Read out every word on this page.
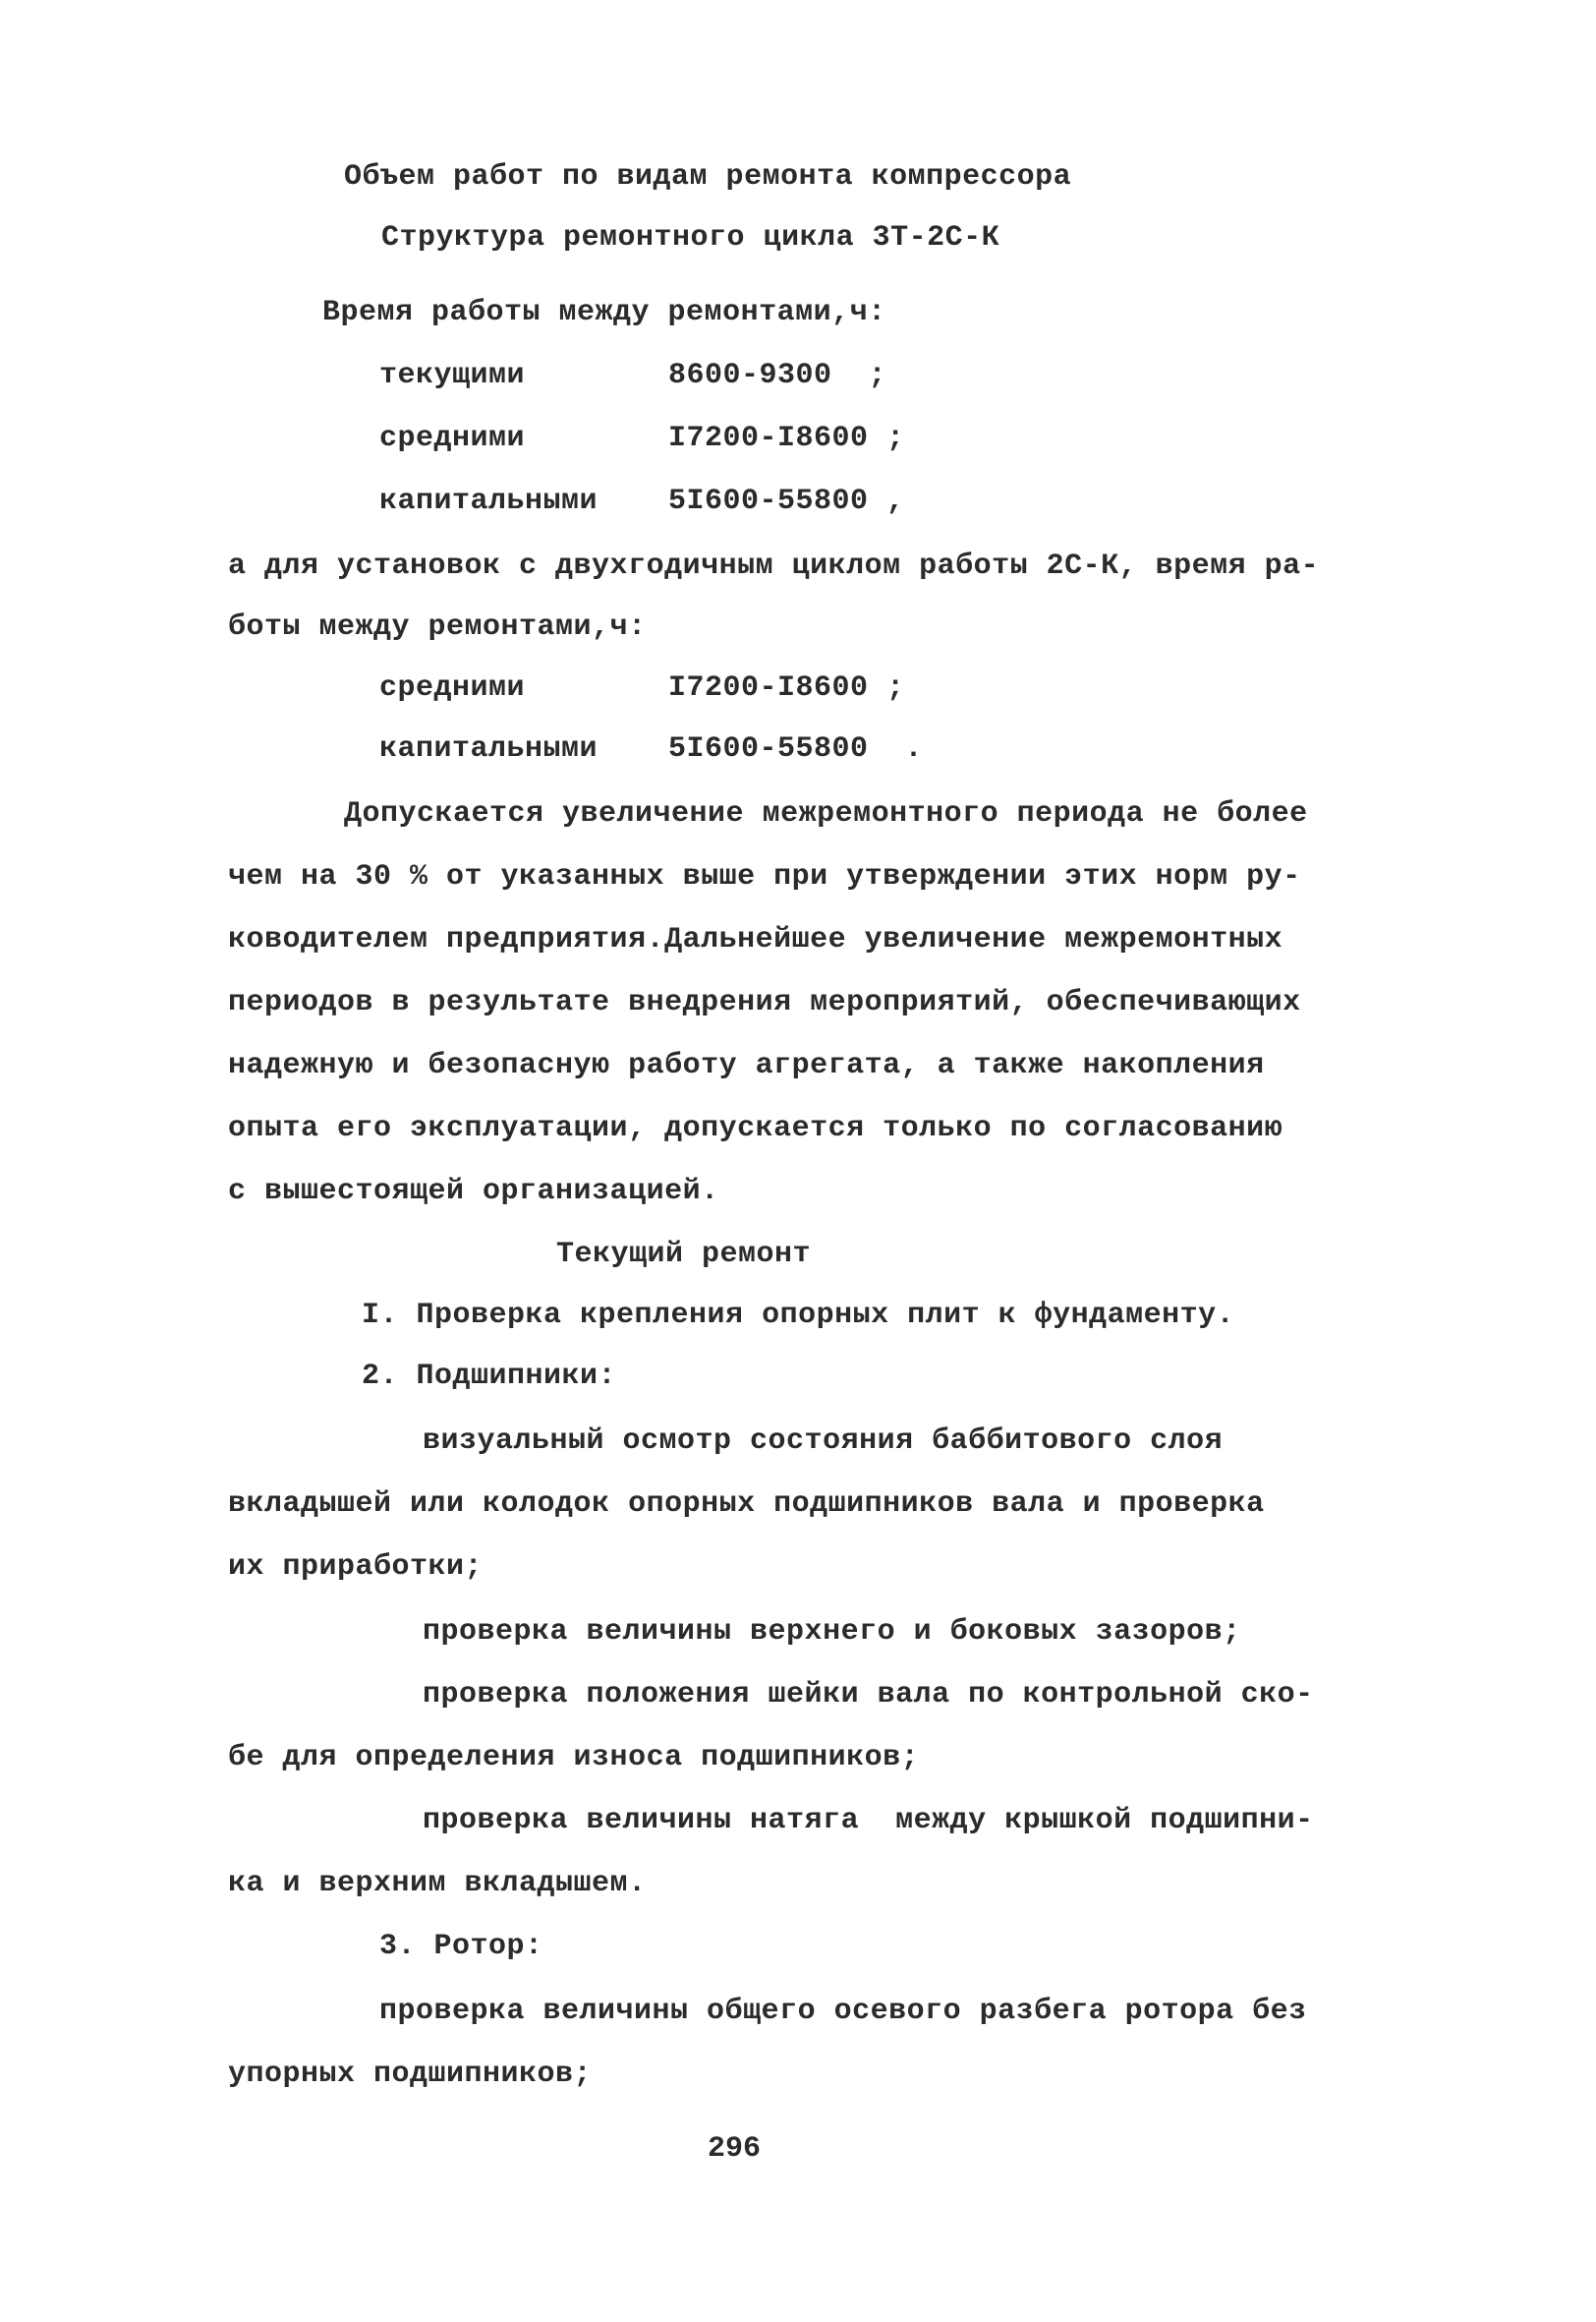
Объем работ по видам ремонта компрессора
Структура ремонтного цикла 3Т-2С-К
Время работы между ремонтами,ч:
текущими	8600-9300  ;
средними	I7200-I8600 ;
капитальными 5I600-55800 ,
а для установок с двухгодичным циклом работы 2С-К, время ра-
боты между ремонтами,ч:
средними	I7200-I8600 ;
капитальными 5I600-55800  .
Допускается увеличение межремонтного периода не более
чем на 30 % от указанных выше при утверждении этих норм ру-
ководителем предприятия.Дальнейшее увеличение межремонтных
периодов в результате внедрения мероприятий, обеспечивающих
надежную и безопасную работу агрегата, а также накопления
опыта его эксплуатации, допускается только по согласованию
с вышестоящей организацией.
Текущий ремонт
I. Проверка крепления опорных плит к фундаменту.
2. Подшипники:
визуальный осмотр состояния баббитового слоя
вкладышей или колодок опорных подшипников вала и проверка
их приработки;
проверка величины верхнего и боковых зазоров;
проверка положения шейки вала по контрольной ско-
бе для определения износа подшипников;
проверка величины натяга  между крышкой подшипни-
ка и верхним вкладышем.
3. Ротор:
проверка величины общего осевого разбега ротора без
упорных подшипников;
296
